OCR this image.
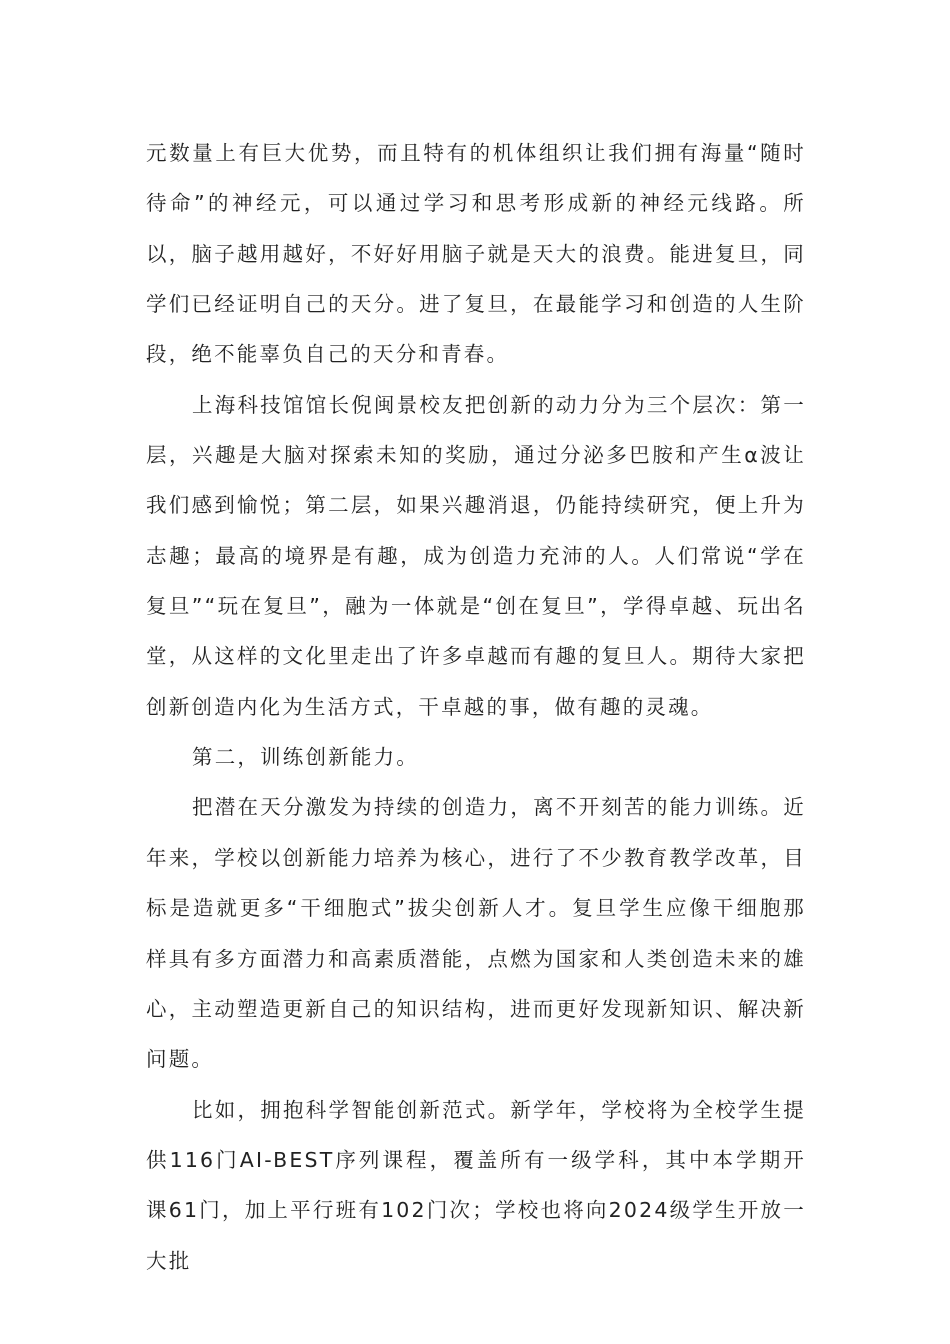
元数量上有巨大优势，而且特有的机体组织让我们拥有海量“随时待命”的神经元，可以通过学习和思考形成新的神经元线路。所以，脑子越用越好，不好好用脑子就是天大的浪费。能进复旦，同学们已经证明自己的天分。进了复旦，在最能学习和创造的人生阶段，绝不能辜负自己的天分和青春。

上海科技馆馆长倪闽景校友把创新的动力分为三个层次：第一层，兴趣是大脑对探索未知的奖励，通过分泌多巴胺和产生α波让我们感到愉悦；第二层，如果兴趣消退，仍能持续研究，便上升为志趣；最高的境界是有趣，成为创造力充沛的人。人们常说“学在复旦”“玩在复旦”，融为一体就是“创在复旦”，学得卓越、玩出名堂，从这样的文化里走出了许多卓越而有趣的复旦人。期待大家把创新创造内化为生活方式，干卓越的事，做有趣的灵魂。

第二，训练创新能力。

把潜在天分激发为持续的创造力，离不开刻苦的能力训练。近年来，学校以创新能力培养为核心，进行了不少教育教学改革，目标是造就更多“干细胞式”拔尖创新人才。复旦学生应像干细胞那样具有多方面潜力和高素质潜能，点燃为国家和人类创造未来的雄心，主动塑造更新自己的知识结构，进而更好发现新知识、解决新问题。

比如，拥抱科学智能创新范式。新学年，学校将为全校学生提供116门AI-BEST序列课程，覆盖所有一级学科，其中本学期开课61门，加上平行班有102门次；学校也将向2024级学生开放一大批
